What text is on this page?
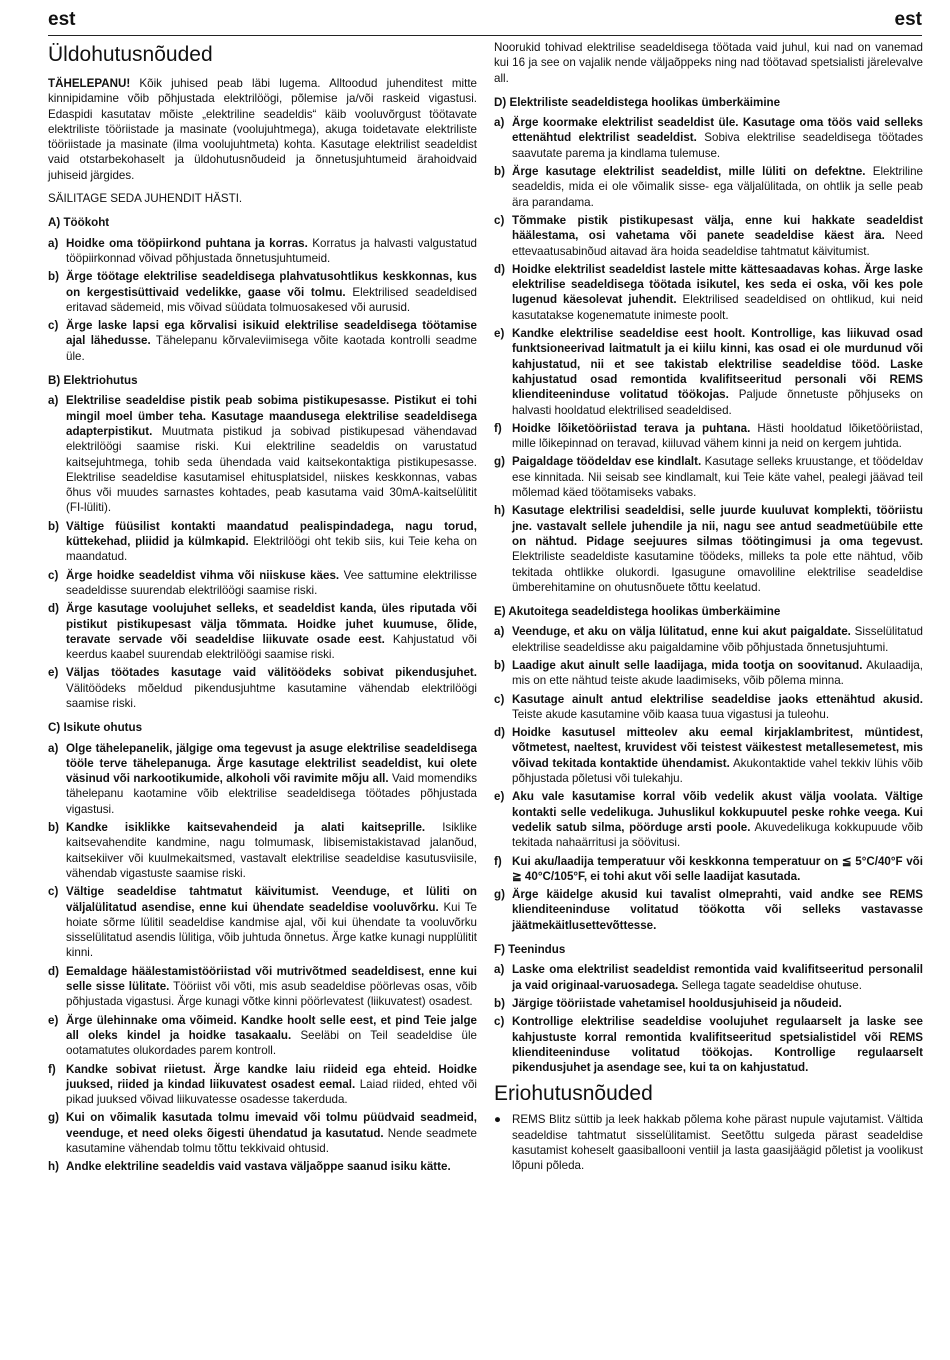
est	est
Üldohutusnõuded

TÄHELEPANU! Kõik juhised peab läbi lugema. Alltoodud juhenditest mitte kinnipidamine võib põhjustada elektrilöögi, põlemise ja/või raskeid vigastusi. Edaspidi kasutatav mõiste „elektriline seadeldis“ käib vooluvõrgust töötavate elektriliste tööriistade ja masinate (voolujuhtmega), akuga toidetavate elektriliste tööriistade ja masinate (ilma voolujuhtmeta) kohta. Kasutage elektrilist seadeldist vaid otstarbekohaselt ja üldohutusnõudeid ja õnnetusjuhtumeid ärahoidvaid juhiseid järgides.

SÄILITAGE SEDA JUHENDIT HÄSTI.

A) Töökoht
a) Hoidke oma tööpiirkond puhtana ja korras. Korratus ja halvasti valgustatud tööpiirkonnad võivad põhjustada õnnetusjuhtumeid.
b) Ärge töötage elektrilise seadeldisega plahvatusohtlikus keskkonnas, kus on kergestisüttivaid vedelikke, gaase või tolmu. Elektrilised seadeldised eritavad sädemeid, mis võivad süüdata tolmuosakesed või aurusid.
c) Ärge laske lapsi ega kõrvalisi isikuid elektrilise seadeldisega töötamise ajal lähedusse. Tähelepanu kõrvaleviimisega võite kaotada kontrolli seadme üle.
B) Elektriohutus
a) Elektrilise seadeldise pistik peab sobima pistikupesasse. Pistikut ei tohi mingil moel ümber teha. Kasutage maandusega elektrilise seadeldisega adapterpistikut. Muutmata pistikud ja sobivad pistikupesad vähendavad elektrilöögi saamise riski. Kui elektriline seadeldis on varustatud kaitsejuhtmega, tohib seda ühendada vaid kaitsekontaktiga pistikupesasse. Elektrilise seadeldise kasutamisel ehitusplatsidel, niiskes keskkonnas, vabas õhus või muudes sarnastes kohtades, peab kasutama vaid 30mA-kaitselülitit (FI-lüliti).
b) Vältige füüsilist kontakti maandatud pealispindadega, nagu torud, küttekehad, pliidid ja külmkapid. Elektrilöögi oht tekib siis, kui Teie keha on maandatud.
c) Ärge hoidke seadeldist vihma või niiskuse käes. Vee sattumine elektrilisse seadeldisse suurendab elektrilöögi saamise riski.
d) Ärge kasutage voolujuhet selleks, et seadeldist kanda, üles riputada või pistikut pistikupesast välja tõmmata. Hoidke juhet kuumuse, õlide, teravate servade või seadeldise liikuvate osade eest. Kahjustatud või keerdus kaabel suurendab elektrilöögi saamise riski.
e) Väljas töötades kasutage vaid välitöödeks sobivat pikendusjuhet. Välitöödeks mõeldud pikendusjuhtme kasutamine vähendab elektrilöögi saamise riski.
C) Isikute ohutus
a) Olge tähelepanelik, jälgige oma tegevust ja asuge elektrilise seadeldisega tööle terve tähelepanuga. Ärge kasutage elektrilist seadeldist, kui olete väsinud või narkootikumide, alkoholi või ravimite mõju all. Vaid momendiks tähelepanu kaotamine võib elektrilise seadeldisega töötades põhjustada vigastusi.
b) Kandke isiklikke kaitsevahendeid ja alati kaitseprille. Isiklike kaitsevahendite kandmine, nagu tolmumask, libisemistakistavad jalanõud, kaitsekiiver või kuulmekaitsmed, vastavalt elektrilise seadeldise kasutusviisile, vähendab vigastuste saamise riski.
c) Vältige seadeldise tahtmatut käivitumist. Veenduge, et lüliti on väljalülitatud asendise, enne kui ühendate seadeldise vooluvõrku. Kui Te hoiate sõrme lülitil seadeldise kandmise ajal, või kui ühendate ta vooluvõrku sisselülitatud asendis lülitiga, võib juhtuda õnnetus. Ärge katke kunagi nupplülitit kinni.
d) Eemaldage häälestamistööriistad või mutrivõtmed seadeldisest, enne kui selle sisse lülitate. Tööriist või võti, mis asub seadeldise pöörlevas osas, võib põhjustada vigastusi. Ärge kunagi võtke kinni pöörlevatest (liikuvatest) osadest.
e) Ärge ülehinnake oma võimeid. Kandke hoolt selle eest, et pind Teie jalge all oleks kindel ja hoidke tasakaalu. Seeläbi on Teil seadeldise üle ootamatutes olukordades parem kontroll.
f) Kandke sobivat riietust. Ärge kandke laiu riideid ega ehteid. Hoidke juuksed, riided ja kindad liikuvatest osadest eemal. Laiad riided, ehted või pikad juuksed võivad liikuvatesse osadesse takerduda.
g) Kui on võimalik kasutada tolmu imevaid või tolmu püüdvaid seadmeid, veenduge, et need oleks õigesti ühendatud ja kasutatud. Nende seadmete kasutamine vähendab tolmu tõttu tekkivaid ohtusid.
h) Andke elektriline seadeldis vaid vastava väljaõppe saanud isiku kätte.

Noorukid tohivad elektrilise seadeldisega töötada vaid juhul, kui nad on vanemad kui 16 ja see on vajalik nende väljaõppeks ning nad töötavad spetsialisti järelevalve all.

D) Elektriliste seadeldistega hoolikas ümberkäimine
a) Ärge koormake elektrilist seadeldist üle. Kasutage oma töös vaid selleks ettenähtud elektrilist seadeldist. Sobiva elektrilise seadeldisega töötades saavutate parema ja kindlama tulemuse.
b) Ärge kasutage elektrilist seadeldist, mille lüliti on defektne. Elektriline seadeldis, mida ei ole võimalik sisse- ega väljalülitada, on ohtlik ja selle peab ära parandama.
c) Tõmmake pistik pistikupesast välja, enne kui hakkate seadeldist häälestama, osi vahetama või panete seadeldise käest ära. Need ettevaatusabinõud aitavad ära hoida seadeldise tahtmatut käivitumist.
d) Hoidke elektrilist seadeldist lastele mitte kättesaadavas kohas. Ärge laske elektrilise seadeldisega töötada isikutel, kes seda ei oska, või kes pole lugenud käesolevat juhendit. Elektrilised seadeldised on ohtlikud, kui neid kasutatakse kogenematute inimeste poolt.
e) Kandke elektrilise seadeldise eest hoolt. Kontrollige, kas liikuvad osad funktsioneerivad laitmatult ja ei kiilu kinni, kas osad ei ole murdunud või kahjustatud, nii et see takistab elektrilise seadeldise tööd. Laske kahjustatud osad remontida kvalifitseeritud personali või REMS klienditeeninduse volitatud töökojas. Paljude õnnetuste põhjuseks on halvasti hooldatud elektrilised seadeldised.
f) Hoidke lõiketööriistad terava ja puhtana. Hästi hooldatud lõiketööriistad, mille lõikepinnad on teravad, kiiluvad vähem kinni ja neid on kergem juhtida.
g) Paigaldage töödeldav ese kindlalt. Kasutage selleks kruustange, et töödeldav ese kinnitada. Nii seisab see kindlamalt, kui Teie käte vahel, pealegi jäävad teil mõlemad käed töötamiseks vabaks.
h) Kasutage elektrilisi seadeldisi, selle juurde kuuluvat komplekti, tööriistu jne. vastavalt sellele juhendile ja nii, nagu see antud seadmetüübile ette on nähtud. Pidage seejuures silmas töötingimusi ja oma tegevust. Elektriliste seadeldiste kasutamine töödeks, milleks ta pole ette nähtud, võib tekitada ohtlikke olukordi. Igasugune omavoliline elektrilise seadeldise ümberehitamine on ohutusnõuete tõttu keelatud.
E) Akutoitega seadeldistega hoolikas ümberkäimine
a) Veenduge, et aku on välja lülitatud, enne kui akut paigaldate. Sisselülitatud elektrilise seadeldisse aku paigaldamine võib põhjustada õnnetusjuhtumi.
b) Laadige akut ainult selle laadijaga, mida tootja on soovitanud. Akulaadija, mis on ette nähtud teiste akude laadimiseks, võib põlema minna.
c) Kasutage ainult antud elektrilise seadeldise jaoks ettenähtud akusid. Teiste akude kasutamine võib kaasa tuua vigastusi ja tuleohu.
d) Hoidke kasutusel mitteolev aku eemal kirjaklambritest, müntidest, võtmetest, naeltest, kruvidest või teistest väikestest metallesemetest, mis võivad tekitada kontaktide ühendamist. Akukontaktide vahel tekkiv lühis võib põhjustada põletusi või tulekahju.
e) Aku vale kasutamise korral võib vedelik akust välja voolata. Vältige kontakti selle vedelikuga. Juhuslikul kokkupuutel peske rohke veega. Kui vedelik satub silma, pöörduge arsti poole. Akuvedelikuga kokkupuude võib tekitada nahaärritusi ja söövitusi.
f) Kui aku/laadija temperatuur või keskkonna temperatuur on ≦ 5°C/40°F või ≧ 40°C/105°F, ei tohi akut või selle laadijat kasutada.
g) Ärge käidelge akusid kui tavalist olmeprahti, vaid andke see REMS klienditeeninduse volitatud töökotta või selleks vastavasse jäätmekäitlusettevõttesse.
F) Teenindus
a) Laske oma elektrilist seadeldist remontida vaid kvalifitseeritud personalil ja vaid originaal-varuosadega. Sellega tagate seadeldise ohutuse.
b) Järgige tööriistade vahetamisel hooldusjuhiseid ja nõudeid.
c) Kontrollige elektrilise seadeldise voolujuhet regulaarselt ja laske see kahjustuste korral remontida kvalifitseeritud spetsialistidel või REMS klienditeeninduse volitatud töökojas. Kontrollige regulaarselt pikendusjuhet ja asendage see, kui ta on kahjustatud.
Eriohutusnõuded
● REMS Blitz süttib ja leek hakkab põlema kohe pärast nupule vajutamist. Vältida seadeldise tahtmatut sisselülitamist. Seetõttu sulgeda pärast seadeldise kasutamist koheselt gaasiballooni ventiil ja lasta gaasijäägid põletist ja voolikust lõpuni põleda.
